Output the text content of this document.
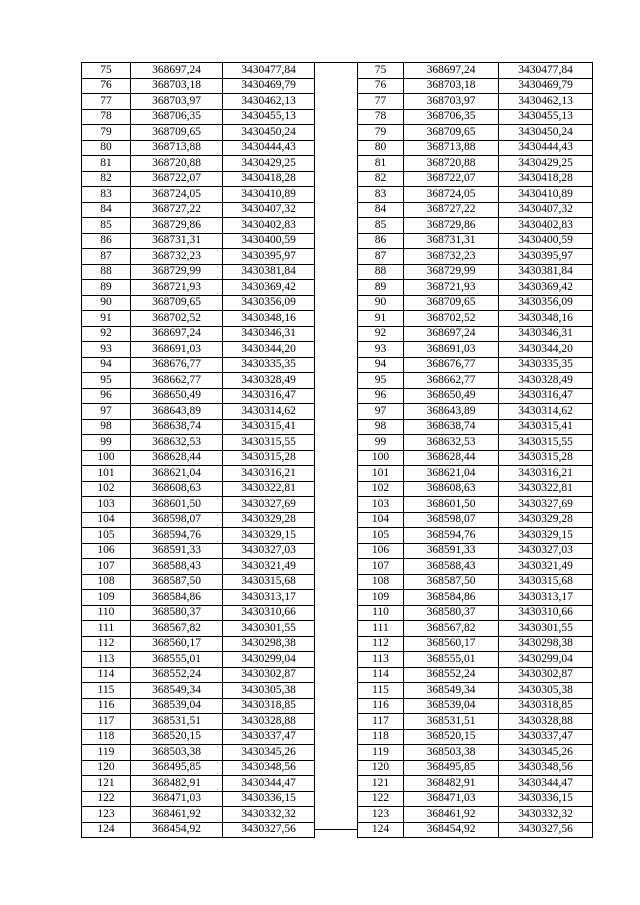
75	368697,24	3430477,84
76	368703,18	3430469,79
77	368703,97	3430462,13
78	368706,35	3430455,13
79	368709,65	3430450,24
80	368713,88	3430444,43
81	368720,88	3430429,25
82	368722,07	3430418,28
83	368724,05	3430410,89
84	368727,22	3430407,32
85	368729,86	3430402,83
86	368731,31	3430400,59
87	368732,23	3430395,97
88	368729,99	3430381,84
89	368721,93	3430369,42
90	368709,65	3430356,09
91	368702,52	3430348,16
92	368697,24	3430346,31
93	368691,03	3430344,20
94	368676,77	3430335,35
95	368662,77	3430328,49
96	368650,49	3430316,47
97	368643,89	3430314,62
98	368638,74	3430315,41
99	368632,53	3430315,55
100	368628,44	3430315,28
101	368621,04	3430316,21
102	368608,63	3430322,81
103	368601,50	3430327,69
104	368598,07	3430329,28
105	368594,76	3430329,15
106	368591,33	3430327,03
107	368588,43	3430321,49
108	368587,50	3430315,68
109	368584,86	3430313,17
110	368580,37	3430310,66
111	368567,82	3430301,55
112	368560,17	3430298,38
113	368555,01	3430299,04
114	368552,24	3430302,87
115	368549,34	3430305,38
116	368539,04	3430318,85
117	368531,51	3430328,88
118	368520,15	3430337,47
119	368503,38	3430345,26
120	368495,85	3430348,56
121	368482,91	3430344,47
122	368471,03	3430336,15
123	368461,92	3430332,32
124	368454,92	3430327,56
75	368697,24	3430477,84
76	368703,18	3430469,79
77	368703,97	3430462,13
78	368706,35	3430455,13
79	368709,65	3430450,24
80	368713,88	3430444,43
81	368720,88	3430429,25
82	368722,07	3430418,28
83	368724,05	3430410,89
84	368727,22	3430407,32
85	368729,86	3430402,83
86	368731,31	3430400,59
87	368732,23	3430395,97
88	368729,99	3430381,84
89	368721,93	3430369,42
90	368709,65	3430356,09
91	368702,52	3430348,16
92	368697,24	3430346,31
93	368691,03	3430344,20
94	368676,77	3430335,35
95	368662,77	3430328,49
96	368650,49	3430316,47
97	368643,89	3430314,62
98	368638,74	3430315,41
99	368632,53	3430315,55
100	368628,44	3430315,28
101	368621,04	3430316,21
102	368608,63	3430322,81
103	368601,50	3430327,69
104	368598,07	3430329,28
105	368594,76	3430329,15
106	368591,33	3430327,03
107	368588,43	3430321,49
108	368587,50	3430315,68
109	368584,86	3430313,17
110	368580,37	3430310,66
111	368567,82	3430301,55
112	368560,17	3430298,38
113	368555,01	3430299,04
114	368552,24	3430302,87
115	368549,34	3430305,38
116	368539,04	3430318,85
117	368531,51	3430328,88
118	368520,15	3430337,47
119	368503,38	3430345,26
120	368495,85	3430348,56
121	368482,91	3430344,47
122	368471,03	3430336,15
123	368461,92	3430332,32
124	368454,92	3430327,56
